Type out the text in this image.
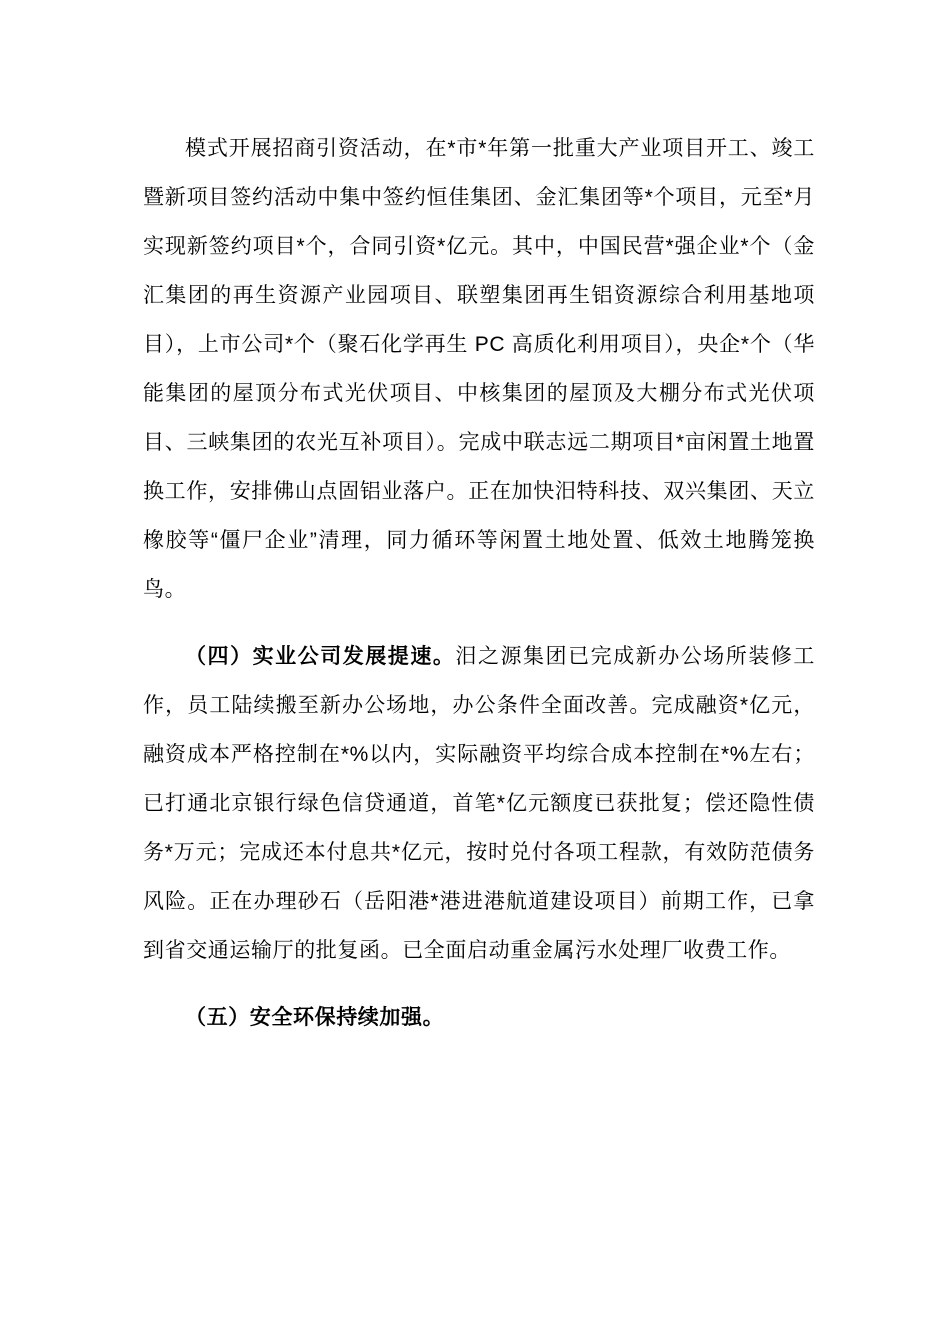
模式开展招商引资活动，在*市*年第一批重大产业项目开工、竣工暨新项目签约活动中集中签约恒佳集团、金汇集团等*个项目，元至*月实现新签约项目*个，合同引资*亿元。其中，中国民营*强企业*个（金汇集团的再生资源产业园项目、联塑集团再生铝资源综合利用基地项目），上市公司*个（聚石化学再生 PC 高质化利用项目），央企*个（华能集团的屋顶分布式光伏项目、中核集团的屋顶及大棚分布式光伏项目、三峡集团的农光互补项目）。完成中联志远二期项目*亩闲置土地置换工作，安排佛山点固铝业落户。正在加快汨特科技、双兴集团、天立橡胶等“僵尸企业”清理，同力循环等闲置土地处置、低效土地腾笼换鸟。

（四）实业公司发展提速。汨之源集团已完成新办公场所装修工作，员工陆续搬至新办公场地，办公条件全面改善。完成融资*亿元，融资成本严格控制在*%以内，实际融资平均综合成本控制在*%左右；已打通北京银行绿色信贷通道，首笔*亿元额度已获批复；偿还隐性债务*万元；完成还本付息共*亿元，按时兑付各项工程款，有效防范债务风险。正在办理砂石（岳阳港*港进港航道建设项目）前期工作，已拿到省交通运输厅的批复函。已全面启动重金属污水处理厂收费工作。

（五）安全环保持续加强。
